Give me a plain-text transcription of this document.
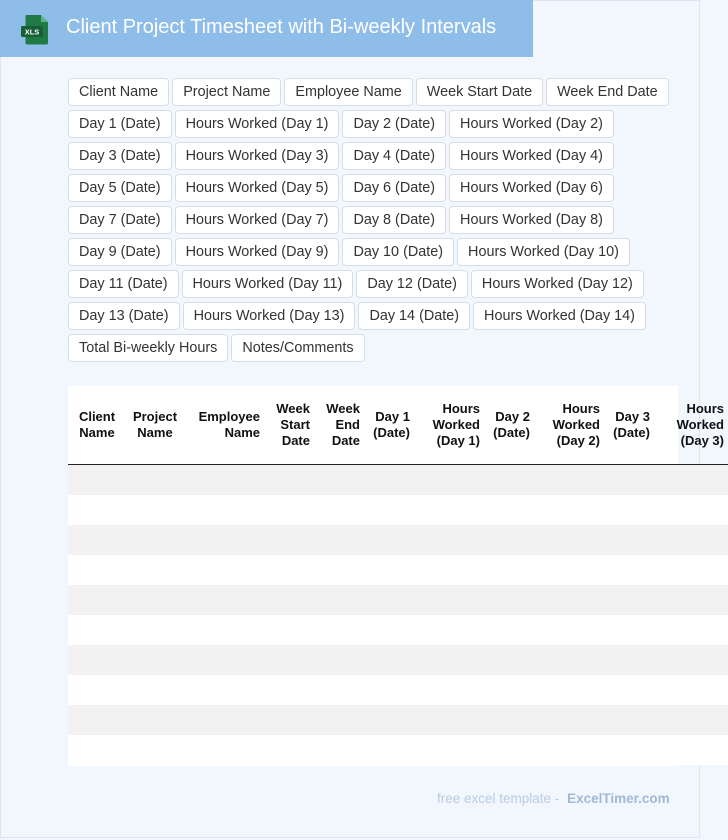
XLS Client Project Timesheet with Bi-weekly Intervals
Client Name	Project Name	Employee Name	Week Start Date	Week End Date
Day 1 (Date)	Hours Worked (Day 1)	Day 2 (Date)	Hours Worked (Day 2)
Day 3 (Date)	Hours Worked (Day 3)	Day 4 (Date)	Hours Worked (Day 4)
Day 5 (Date)	Hours Worked (Day 5)	Day 6 (Date)	Hours Worked (Day 6)
Day 7 (Date)	Hours Worked (Day 7)	Day 8 (Date)	Hours Worked (Day 8)
Day 9 (Date)	Hours Worked (Day 9)	Day 10 (Date)	Hours Worked (Day 10)
Day 11 (Date)	Hours Worked (Day 11)	Day 12 (Date)	Hours Worked (Day 12)
Day 13 (Date)	Hours Worked (Day 13)	Day 14 (Date)	Hours Worked (Day 14)
Total Bi-weekly Hours	Notes/Comments
Client Name	Project Name	Employee Name	Week Start Date	Week End Date	Day 1 (Date)	Hours Worked (Day 1)	Day 2 (Date)	Hours Worked (Day 2)	Day 3 (Date)	Hours Worked (Day 3)

free excel template - ExcelTimer.com
